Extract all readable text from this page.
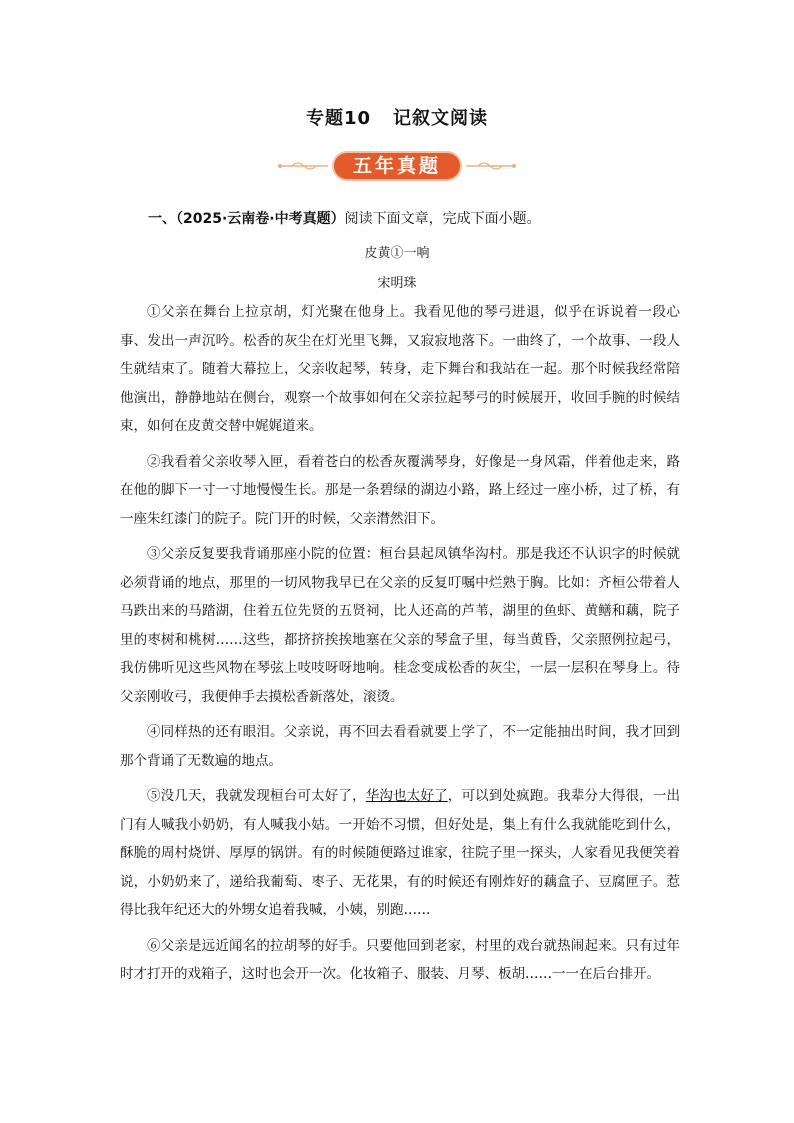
专题10 记叙文阅读
五年真题
一、（2025·云南卷·中考真题）阅读下面文章，完成下面小题。
皮黄①一响
宋明珠

①父亲在舞台上拉京胡，灯光聚在他身上。我看见他的琴弓进退，似乎在诉说着一段心事、发出一声沉吟。松香的灰尘在灯光里飞舞，又寂寂地落下。一曲终了，一个故事、一段人生就结束了。随着大幕拉上，父亲收起琴，转身，走下舞台和我站在一起。那个时候我经常陪他演出，静静地站在侧台，观察一个故事如何在父亲拉起琴弓的时候展开，收回手腕的时候结束，如何在皮黄交替中娓娓道来。

②我看着父亲收琴入匣，看着苍白的松香灰覆满琴身，好像是一身风霜，伴着他走来，路在他的脚下一寸一寸地慢慢生长。那是一条碧绿的湖边小路，路上经过一座小桥，过了桥，有一座朱红漆门的院子。院门开的时候，父亲潸然泪下。

③父亲反复要我背诵那座小院的位置：桓台县起凤镇华沟村。那是我还不认识字的时候就必须背诵的地点，那里的一切风物我早已在父亲的反复叮嘱中烂熟于胸。比如：齐桓公带着人马跌出来的马踏湖，住着五位先贤的五贤祠，比人还高的芦苇，湖里的鱼虾、黄鳝和藕，院子里的枣树和桃树……这些，都挤挤挨挨地塞在父亲的琴盒子里，每当黄昏，父亲照例拉起弓，我仿佛听见这些风物在琴弦上吱吱呀呀地响。桂念变成松香的灰尘，一层一层积在琴身上。待父亲刚收弓，我便伸手去摸松香新落处，滚烫。

④同样热的还有眼泪。父亲说，再不回去看看就要上学了，不一定能抽出时间，我才回到那个背诵了无数遍的地点。

⑤没几天，我就发现桓台可太好了，华沟也太好了，可以到处疯跑。我辈分大得很，一出门有人喊我小奶奶，有人喊我小姑。一开始不习惯，但好处是，集上有什么我就能吃到什么，酥脆的周村烧饼、厚厚的锅饼。有的时候随便路过谁家，往院子里一探头，人家看见我便笑着说，小奶奶来了，递给我葡萄、枣子、无花果，有的时候还有刚炸好的藕盒子、豆腐匣子。惹得比我年纪还大的外甥女追着我喊，小姨，别跑……

⑥父亲是远近闻名的拉胡琴的好手。只要他回到老家，村里的戏台就热闹起来。只有过年时才打开的戏箱子，这时也会开一次。化妆箱子、服装、月琴、板胡……一一在后台排开。
